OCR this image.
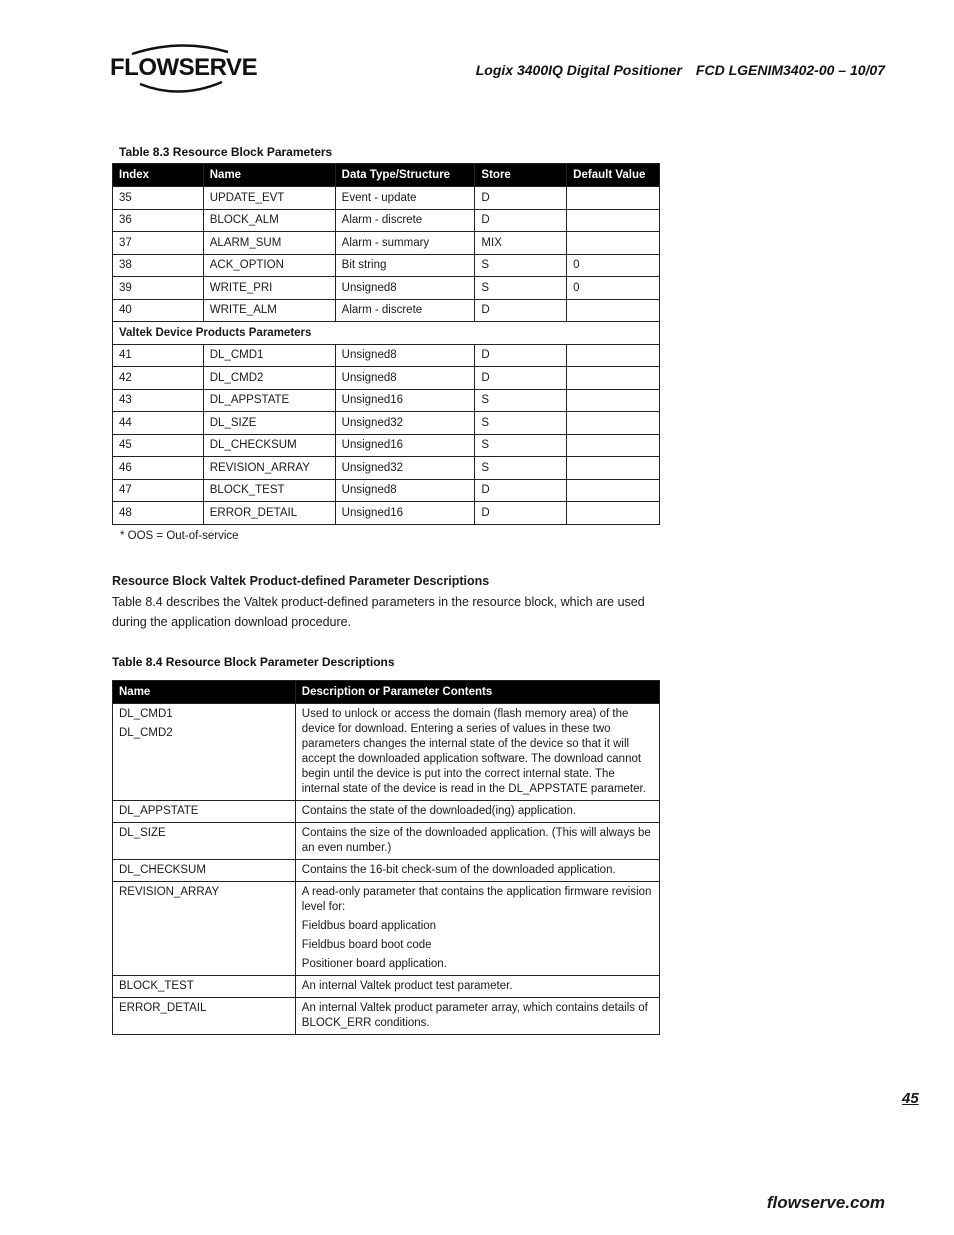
FLOWSERVE	Logix 3400IQ Digital Positioner FCD LGENIM3402-00 – 10/07
Table 8.3 Resource Block Parameters
Index	Name	Data Type/Structure	Store	Default Value
35	UPDATE_EVT	Event - update	D	
36	BLOCK_ALM	Alarm - discrete	D	
37	ALARM_SUM	Alarm - summary	MIX	
38	ACK_OPTION	Bit string	S	0
39	WRITE_PRI	Unsigned8	S	0
40	WRITE_ALM	Alarm - discrete	D	
Valtek Device Products Parameters				
41	DL_CMD1	Unsigned8	D	
42	DL_CMD2	Unsigned8	D	
43	DL_APPSTATE	Unsigned16	S	
44	DL_SIZE	Unsigned32	S	
45	DL_CHECKSUM	Unsigned16	S	
46	REVISION_ARRAY	Unsigned32	S	
47	BLOCK_TEST	Unsigned8	D	
48	ERROR_DETAIL	Unsigned16	D	
* OOS = Out-of-service
Resource Block Valtek Product-defined Parameter Descriptions
Table 8.4 describes the Valtek product-defined parameters in the resource block, which are used during the application download procedure.
Table 8.4 Resource Block Parameter Descriptions
Name	Description or Parameter Contents

DL_CMD1
DL_CMD2	Used to unlock or access the domain (flash memory area) of the device for download. Entering a series of values in these two parameters changes the internal state of the device so that it will accept the downloaded application software. The download cannot begin until the device is put into the correct internal state. The internal state of the device is read in the DL_APPSTATE parameter.

DL_APPSTATE	Contains the state of the downloaded(ing) application.

DL_SIZE	Contains the size of the downloaded application. (This will always be an even number.)

DL_CHECKSUM	Contains the 16-bit check-sum of the downloaded application.

REVISION_ARRAY	A read-only parameter that contains the application firmware revision level for:
Fieldbus board application
Fieldbus board boot code
Positioner board application.

BLOCK_TEST	An internal Valtek product test parameter.

ERROR_DETAIL	An internal Valtek product parameter array, which contains details of BLOCK_ERR conditions.
45
flowserve.com
